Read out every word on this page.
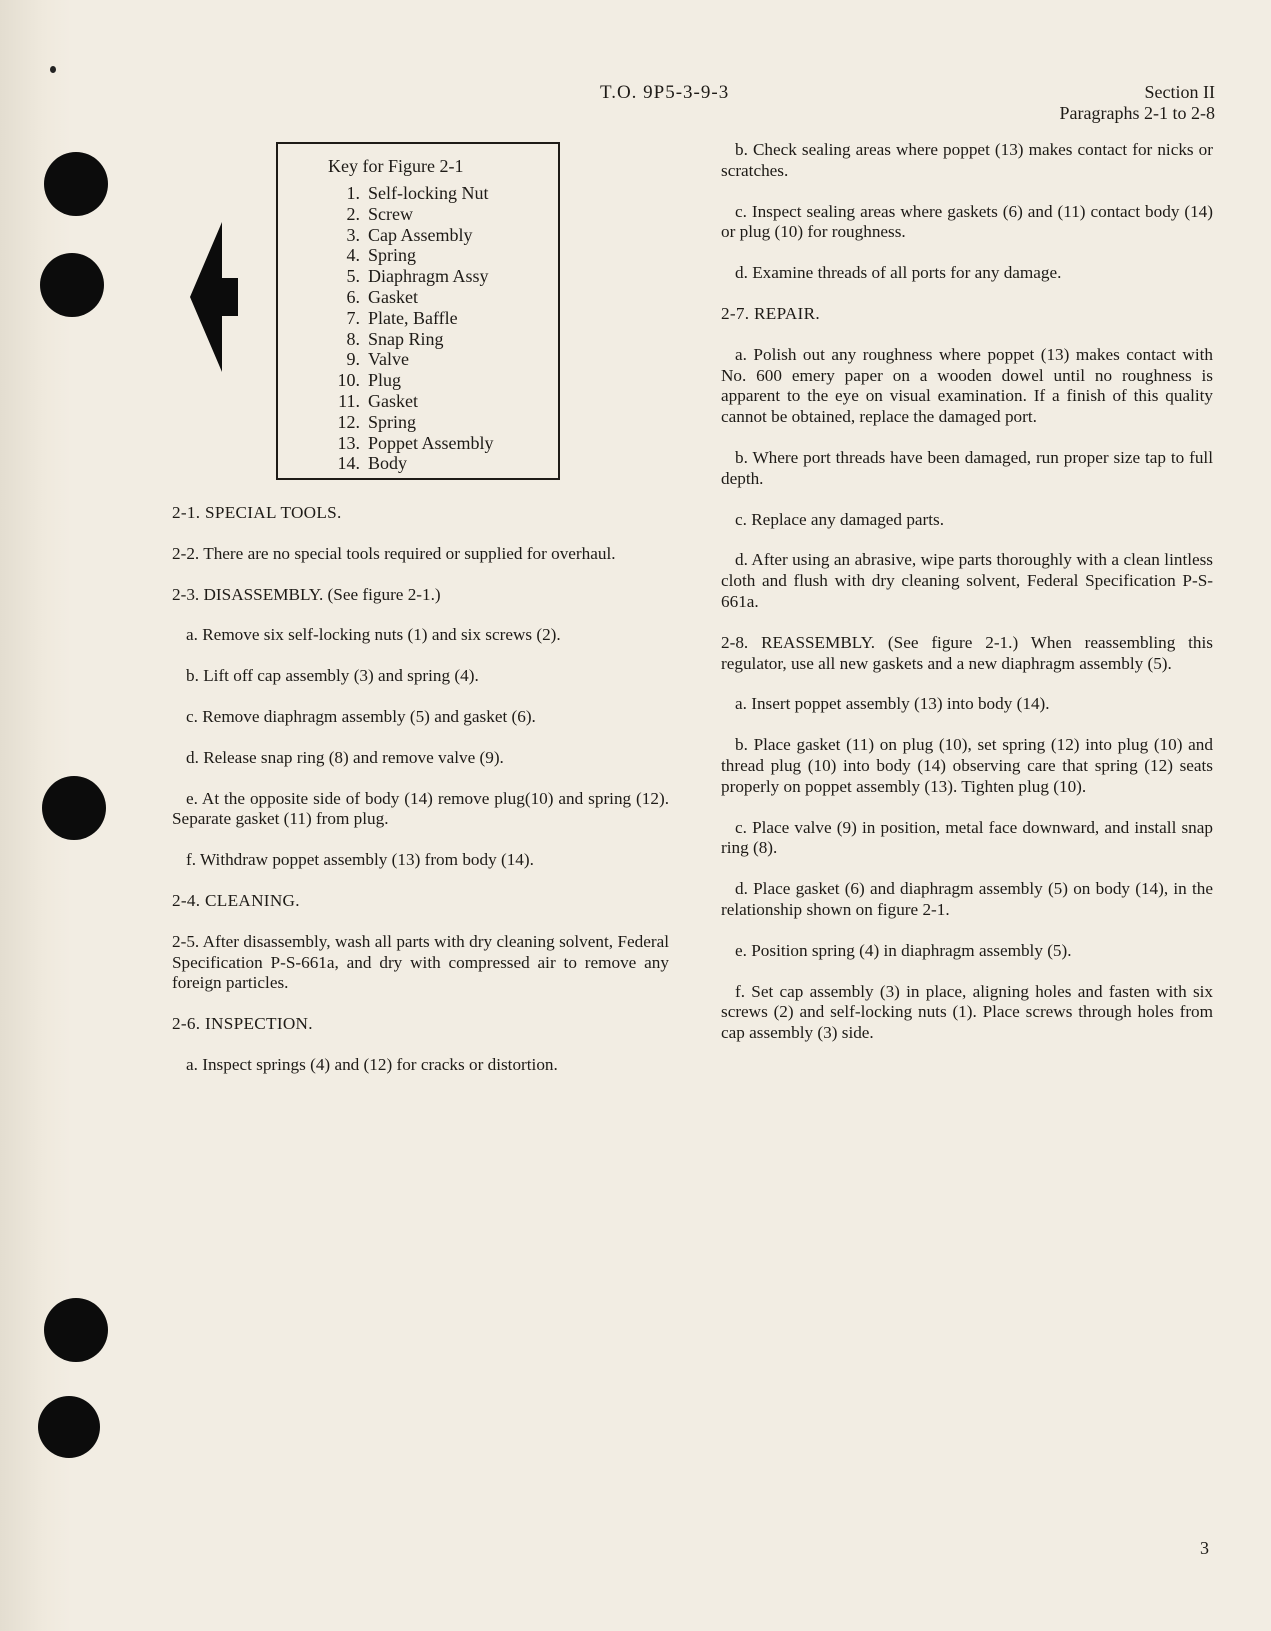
T.O. 9P5-3-9-3	Section II
Paragraphs 2-1 to 2-8
Key for Figure 2-1
1. Self-locking Nut
2. Screw
3. Cap Assembly
4. Spring
5. Diaphragm Assy
6. Gasket
7. Plate, Baffle
8. Snap Ring
9. Valve
10. Plug
11. Gasket
12. Spring
13. Poppet Assembly
14. Body

2-1. SPECIAL TOOLS.

2-2. There are no special tools required or supplied for overhaul.

2-3. DISASSEMBLY. (See figure 2-1.)

a. Remove six self-locking nuts (1) and six screws (2).

b. Lift off cap assembly (3) and spring (4).

c. Remove diaphragm assembly (5) and gasket (6).

d. Release snap ring (8) and remove valve (9).

e. At the opposite side of body (14) remove plug(10) and spring (12). Separate gasket (11) from plug.

f. Withdraw poppet assembly (13) from body (14).

2-4. CLEANING.

2-5. After disassembly, wash all parts with dry cleaning solvent, Federal Specification P-S-661a, and dry with compressed air to remove any foreign particles.

2-6. INSPECTION.

a. Inspect springs (4) and (12) for cracks or distortion.

b. Check sealing areas where poppet (13) makes contact for nicks or scratches.

c. Inspect sealing areas where gaskets (6) and (11) contact body (14) or plug (10) for roughness.

d. Examine threads of all ports for any damage.

2-7. REPAIR.

a. Polish out any roughness where poppet (13) makes contact with No. 600 emery paper on a wooden dowel until no roughness is apparent to the eye on visual examination. If a finish of this quality cannot be obtained, replace the damaged port.

b. Where port threads have been damaged, run proper size tap to full depth.

c. Replace any damaged parts.

d. After using an abrasive, wipe parts thoroughly with a clean lintless cloth and flush with dry cleaning solvent, Federal Specification P-S-661a.

2-8. REASSEMBLY. (See figure 2-1.) When reassembling this regulator, use all new gaskets and a new diaphragm assembly (5).

a. Insert poppet assembly (13) into body (14).

b. Place gasket (11) on plug (10), set spring (12) into plug (10) and thread plug (10) into body (14) observing care that spring (12) seats properly on poppet assembly (13). Tighten plug (10).

c. Place valve (9) in position, metal face downward, and install snap ring (8).

d. Place gasket (6) and diaphragm assembly (5) on body (14), in the relationship shown on figure 2-1.

e. Position spring (4) in diaphragm assembly (5).

f. Set cap assembly (3) in place, aligning holes and fasten with six screws (2) and self-locking nuts (1). Place screws through holes from cap assembly (3) side.

3
